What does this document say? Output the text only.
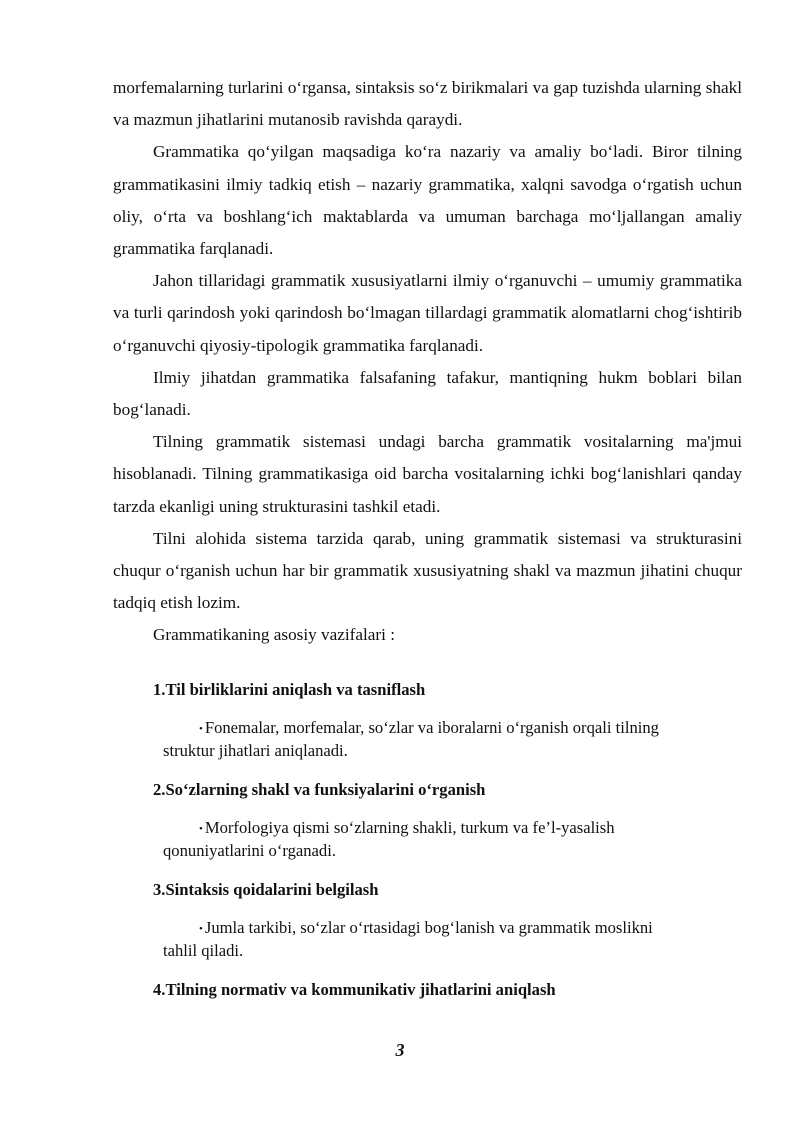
morfemalarning turlarini o‘rgansa, sintaksis so‘z birikmalari va gap tuzishda ularning shakl va mazmun jihatlarini mutanosib ravishda qaraydi.

Grammatika qo‘yilgan maqsadiga ko‘ra nazariy va amaliy bo‘ladi. Biror tilning grammatikasini ilmiy tadkiq etish – nazariy grammatika, xalqni savodga o‘rgatish uchun oliy, o‘rta va boshlang‘ich maktablarda va umuman barchaga mo‘ljallangan amaliy grammatika farqlanadi.

Jahon tillaridagi grammatik xususiyatlarni ilmiy o‘rganuvchi – umumiy grammatika va turli qarindosh yoki qarindosh bo‘lmagan tillardagi grammatik alomatlarni chog‘ishtirib o‘rganuvchi qiyosiy-tipologik grammatika farqlanadi.

Ilmiy jihatdan grammatika falsafaning tafakur, mantiqning hukm boblari bilan bog‘lanadi.

Tilning grammatik sistemasi undagi barcha grammatik vositalarning ma'jmui hisoblanadi. Tilning grammatikasiga oid barcha vositalarning ichki bog‘lanishlari qanday tarzda ekanligi uning strukturasini tashkil etadi.

Tilni alohida sistema tarzida qarab, uning grammatik sistemasi va strukturasini chuqur o‘rganish uchun har bir grammatik xususiyatning shakl va mazmun jihatini chuqur tadqiq etish lozim.

Grammatikaning asosiy vazifalari :

1.Til birliklarini aniqlash va tasniflash

• Fonemalar, morfemalar, so‘zlar va iboralarni o‘rganish orqali tilning
struktur jihatlari aniqlanadi.

2.So‘zlarning shakl va funksiyalarini o‘rganish

• Morfologiya qismi so‘zlarning shakli, turkum va fe’l-yasalish
qonuniyatlarini o‘rganadi.

3.Sintaksis qoidalarini belgilash

• Jumla tarkibi, so‘zlar o‘rtasidagi bog‘lanish va grammatik moslikni
tahlil qiladi.

4.Tilning normativ va kommunikativ jihatlarini aniqlash

3
